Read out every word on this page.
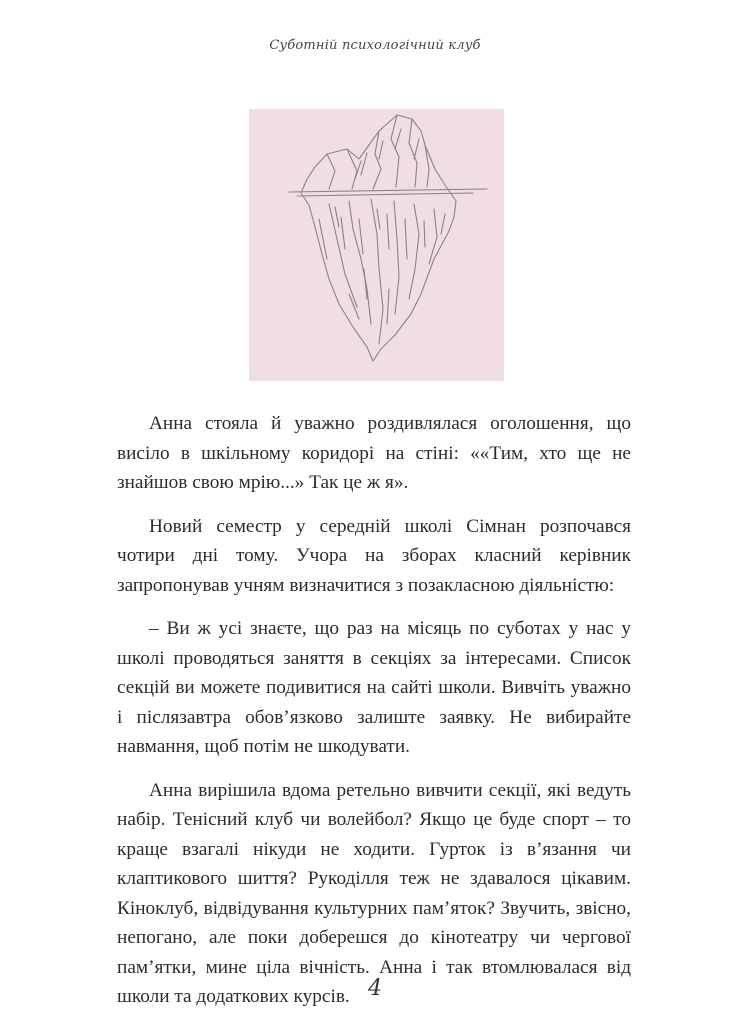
Суботній психологічний клуб

Анна стояла й уважно роздивлялася оголошення, що висіло в шкільному коридорі на стіні: ««Тим, хто ще не знайшов свою мрію...» Так це ж я».

Новий семестр у середній школі Сімнан розпочався чотири дні тому. Учора на зборах класний керівник запропонував учням визначитися з позакласною діяльністю:

– Ви ж усі знаєте, що раз на місяць по суботах у нас у школі проводяться заняття в секціях за інтересами. Список секцій ви можете подивитися на сайті школи. Вивчіть уважно і післязавтра обов’язково залиште заявку. Не вибирайте навмання, щоб потім не шкодувати.

Анна вирішила вдома ретельно вивчити секції, які ведуть набір. Тенісний клуб чи волейбол? Якщо це буде спорт – то краще взагалі нікуди не ходити. Гурток із в’язання чи клаптикового шиття? Рукоділля теж не здавалося цікавим. Кіноклуб, відвідування культурних пам’яток? Звучить, звісно, непогано, але поки доберешся до кінотеатру чи чергової пам’ятки, мине ціла вічність. Анна і так втомлювалася від школи та додаткових курсів. 4
